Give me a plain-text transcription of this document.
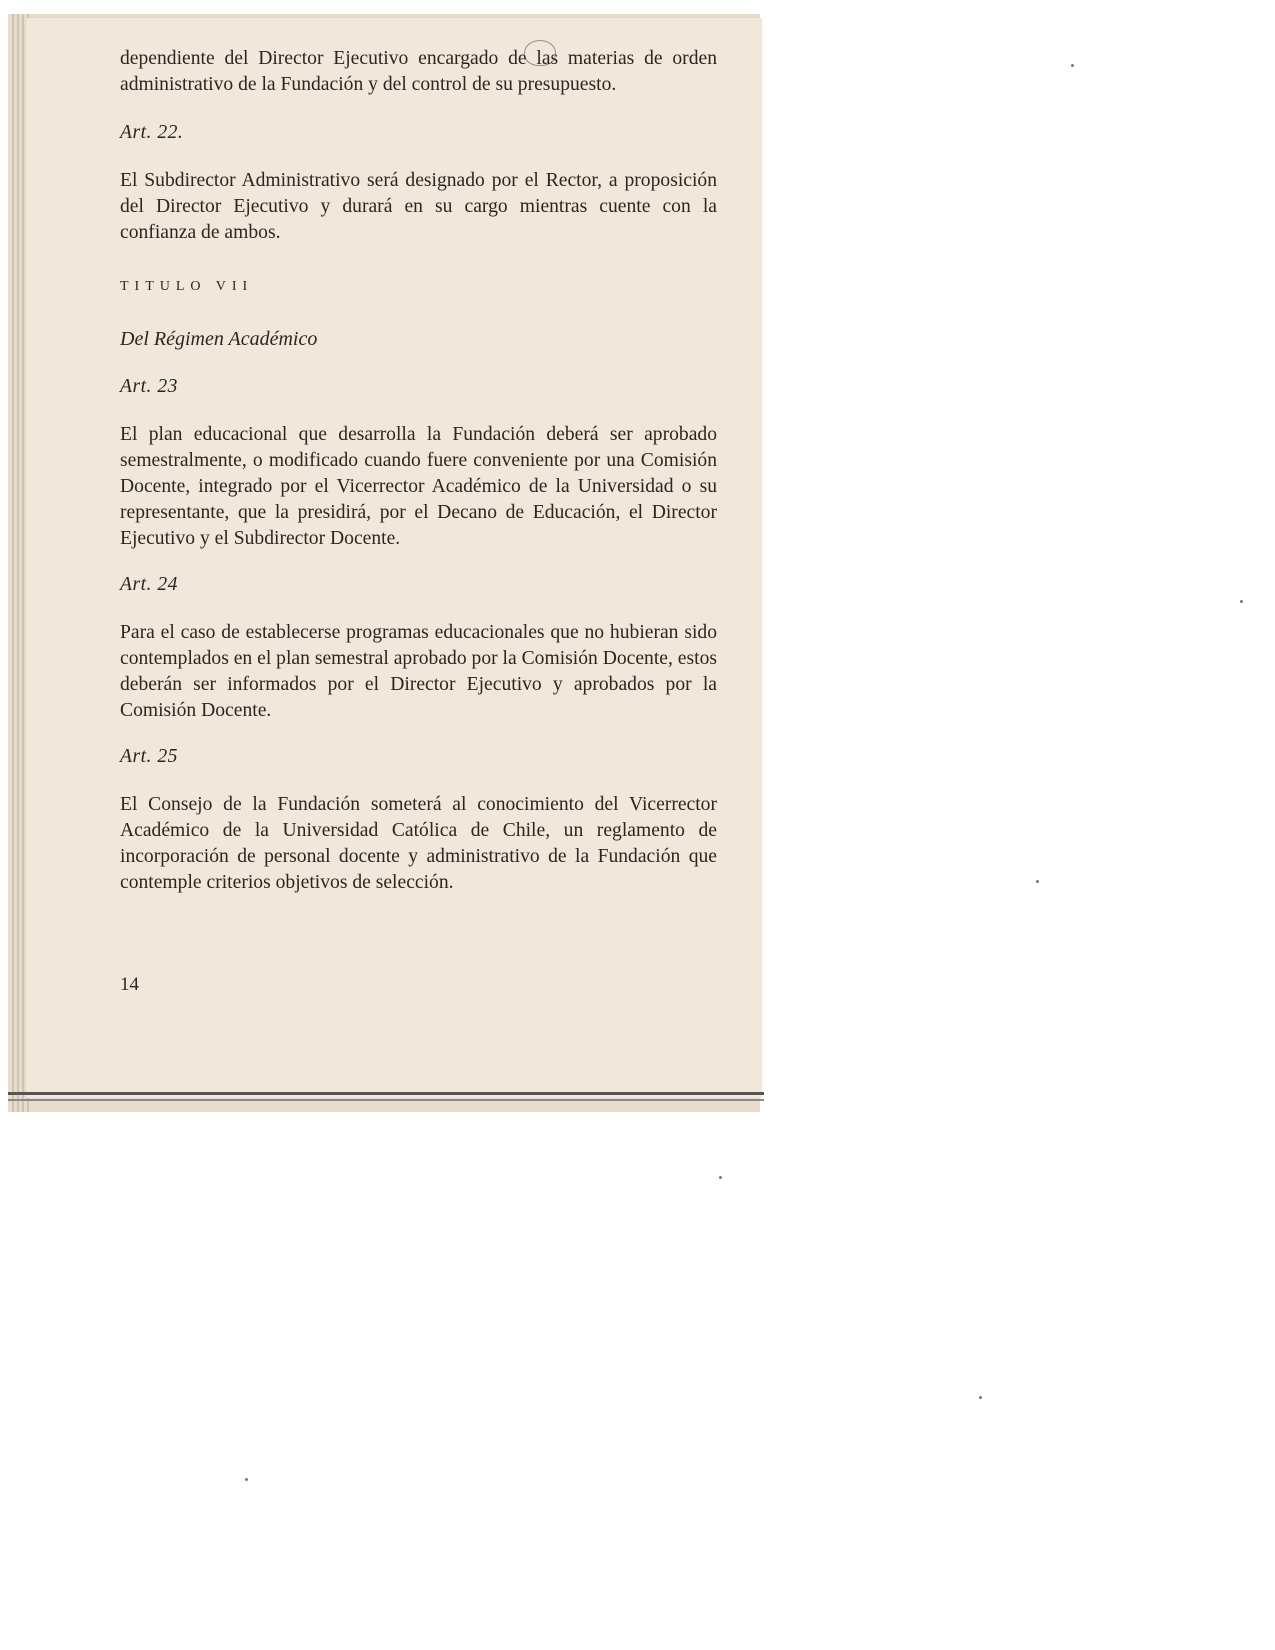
dependiente del Director Ejecutivo encargado de las materias de orden administrativo de la Fundación y del control de su presupuesto.

Art. 22.

El Subdirector Administrativo será designado por el Rector, a proposición del Director Ejecutivo y durará en su cargo mientras cuente con la confianza de ambos.

TITULO VII

Del Régimen Académico

Art. 23

El plan educacional que desarrolla la Fundación deberá ser aprobado semestralmente, o modificado cuando fuere conveniente por una Comisión Docente, integrado por el Vicerrector Académico de la Universidad o su representante, que la presidirá, por el Decano de Educación, el Director Ejecutivo y el Subdirector Docente.

Art. 24

Para el caso de establecerse programas educacionales que no hubieran sido contemplados en el plan semestral aprobado por la Comisión Docente, estos deberán ser informados por el Director Ejecutivo y aprobados por la Comisión Docente.

Art. 25

El Consejo de la Fundación someterá al conocimiento del Vicerrector Académico de la Universidad Católica de Chile, un reglamento de incorporación de personal docente y administrativo de la Fundación que contemple criterios objetivos de selección.

14
